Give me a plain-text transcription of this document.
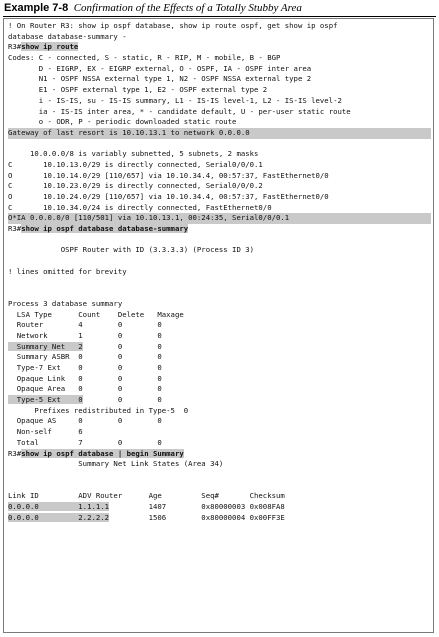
Example 7-8 Confirmation of the Effects of a Totally Stubby Area
! On Router R3: show ip ospf database, show ip route ospf, get show ip ospf
database database-summary -
R3#show ip route
Codes: C - connected, S - static, R - RIP, M - mobile, B - BGP
D - EIGRP, EX - EIGRP external, O - OSPF, IA - OSPF inter area
N1 - OSPF NSSA external type 1, N2 - OSPF NSSA external type 2
E1 - OSPF external type 1, E2 - OSPF external type 2
i - IS-IS, su - IS-IS summary, L1 - IS-IS level-1, L2 - IS-IS level-2
ia - IS-IS inter area, * - candidate default, U - per-user static route
o - ODR, P - periodic downloaded static route
Gateway of last resort is 10.10.13.1 to network 0.0.0.0
10.0.0.0/8 is variably subnetted, 5 subnets, 2 masks
C       10.10.13.0/29 is directly connected, Serial0/0/0.1
O       10.10.14.0/29 [110/657] via 10.10.34.4, 00:57:37, FastEthernet0/0
C       10.10.23.0/29 is directly connected, Serial0/0/0.2
O       10.10.24.0/29 [110/657] via 10.10.34.4, 00:57:37, FastEthernet0/0
C       10.10.34.0/24 is directly connected, FastEthernet0/0
O*IA 0.0.0.0/0 [110/501] via 10.10.13.1, 00:24:35, Serial0/0/0.1
R3#show ip ospf database database-summary
OSPF Router with ID (3.3.3.3) (Process ID 3)
! lines omitted for brevity
Process 3 database summary
LSA Type      Count    Delete   Maxage
Router        4        0        0
Network       1        0        0
Summary Net   2        0        0
Summary ASBR  0        0        0
Type-7 Ext    0        0        0
Opaque Link   0        0        0
Opaque Area   0        0        0
Type-5 Ext    0        0        0
Prefixes redistributed in Type-5  0
Opaque AS     0        0        0
Non-self      6
Total         7        0        0
R3#show ip ospf database | begin Summary
Summary Net Link States (Area 34)
Link ID         ADV Router      Age         Seq#       Checksum
0.0.0.0         1.1.1.1         1407        0x80000003 0x008FA8
0.0.0.0         2.2.2.2         1506        0x80000004 0x00FF3E
